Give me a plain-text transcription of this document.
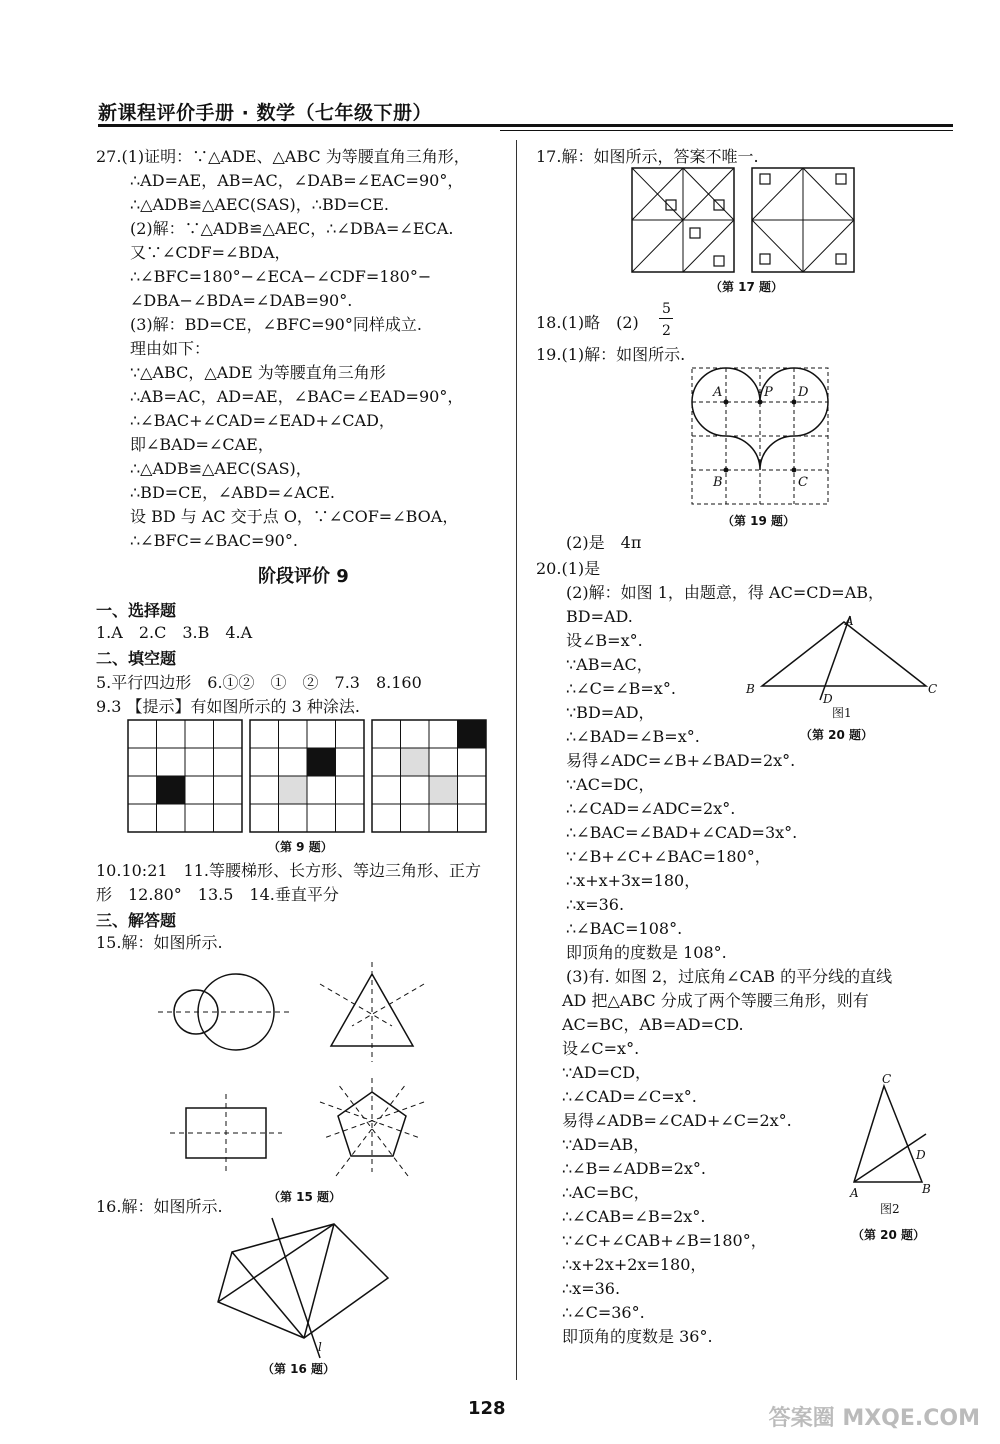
新课程评价手册 · 数学（七年级下册）
27.(1)证明：∵△ADE、△ABC 为等腰直角三角形，
∴AD=AE，AB=AC，∠DAB=∠EAC=90°，
∴△ADB≌△AEC(SAS)，∴BD=CE.
(2)解：∵△ADB≌△AEC，∴∠DBA=∠ECA.
又∵∠CDF=∠BDA，
∴∠BFC=180°−∠ECA−∠CDF=180°−
∠DBA−∠BDA=∠DAB=90°.
(3)解：BD=CE，∠BFC=90°同样成立.
理由如下：
∵△ABC，△ADE 为等腰直角三角形
∴AB=AC，AD=AE，∠BAC=∠EAD=90°，
∴∠BAC+∠CAD=∠EAD+∠CAD，
即∠BAD=∠CAE，
∴△ADB≌△AEC(SAS)，
∴BD=CE，∠ABD=∠ACE.
设 BD 与 AC 交于点 O，∵∠COF=∠BOA，
∴∠BFC=∠BAC=90°.
阶段评价 9
一、选择题
1.A　2.C　3.B　4.A
二、填空题
5.平行四边形　6.①②　①　②　7.3　8.160
9.3 【提示】有如图所示的 3 种涂法.
（第 9 题）
10.10:21　11.等腰梯形、长方形、等边三角形、正方
形　12.80°　13.5　14.垂直平分
三、解答题
15.解：如图所示.
（第 15 题）
16.解：如图所示.
l
（第 16 题）
17.解：如图所示，答案不唯一.
（第 17 题）
18.(1)略　(2)
5
2
19.(1)解：如图所示.
A	P D
B	C
（第 19 题）
(2)是　4π
20.(1)是
(2)解：如图 1，由题意，得 AC=CD=AB，
BD=AD.
设∠B=x°.
∵AB=AC，
∴∠C=∠B=x°.
∵BD=AD，
∴∠BAD=∠B=x°.
易得∠ADC=∠B+∠BAD=2x°.
∵AC=DC，
∴∠CAD=∠ADC=2x°.
∴∠BAC=∠BAD+∠CAD=3x°.
∵∠B+∠C+∠BAC=180°，
∴x+x+3x=180，
∴x=36.
∴∠BAC=108°.
即顶角的度数是 108°.
A
B
D
C
图1
（第 20 题）
(3)有. 如图 2，过底角∠CAB 的平分线的直线
AD 把△ABC 分成了两个等腰三角形，则有
AC=BC，AB=AD=CD.
设∠C=x°.
∵AD=CD，
∴∠CAD=∠C=x°.
易得∠ADB=∠CAD+∠C=2x°.
∵AD=AB，
∴∠B=∠ADB=2x°.
∴AC=BC，
∴∠CAB=∠B=2x°.
∵∠C+∠CAB+∠B=180°，
∴x+2x+2x=180，
∴x=36.
∴∠C=36°.
即顶角的度数是 36°.
C
D
A	B
图2
（第 20 题）
128	答案圈 MXQE.COM
